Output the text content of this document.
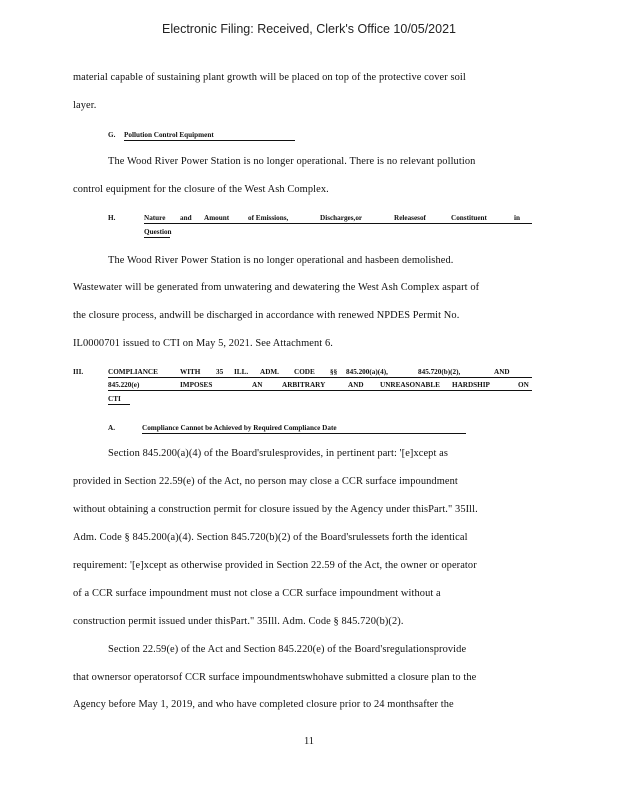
Electronic Filing: Received, Clerk's Office 10/05/2021
material capable of sustaining plant growth will be placed on top of the protective cover soil
layer.
G. Pollution Control Equipment
The Wood River Power Station is no longer operational. There is no relevant pollution
control equipment for the closure of the West Ash Complex.
H.	Nature and Amount	of Emissions,	Discharges,or	Releasesof	Constituent	in
Question
The Wood River Power Station is no longer operational and hasbeen demolished.
Wastewater will be generated from unwatering and dewatering the West Ash Complex aspart of
the closure process, andwill be discharged in accordance with renewed NPDES Permit No.
IL0000701 issued to CTI on May 5, 2021. See Attachment 6.
III.	COMPLIANCE	WITH 35 ILL. ADM. CODE §§ 845.200(a)(4),	845.720(b)(2),	AND
845.220(e)	IMPOSES	AN	ARBITRARY	AND UNREASONABLE HARDSHIP	ON
CTI
A.	Compliance Cannot be Achieved by Required Compliance Date
Section 845.200(a)(4) of the Board'srulesprovides, in pertinent part: '[e]xcept as
provided in Section 22.59(e) of the Act, no person may close a CCR surface impoundment
without obtaining a construction permit for closure issued by the Agency under thisPart." 35Ill.
Adm. Code § 845.200(a)(4). Section 845.720(b)(2) of the Board'srulessets forth the identical
requirement: '[e]xcept as otherwise provided in Section 22.59 of the Act, the owner or operator
of a CCR surface impoundment must not close a CCR surface impoundment without a
construction permit issued under thisPart." 35Ill. Adm. Code § 845.720(b)(2).
Section 22.59(e) of the Act and Section 845.220(e) of the Board'sregulationsprovide
that ownersor operatorsof CCR surface impoundmentswhohave submitted a closure plan to the
Agency before May 1, 2019, and who have completed closure prior to 24 monthsafter the
11
